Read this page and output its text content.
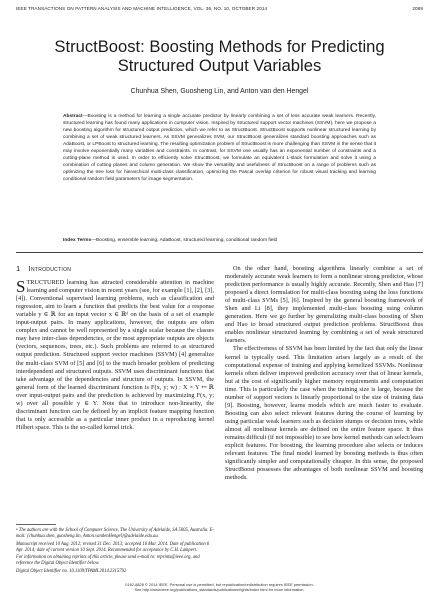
IEEE TRANSACTIONS ON PATTERN ANALYSIS AND MACHINE INTELLIGENCE, VOL. 36, NO. 10, OCTOBER 2014	2089
StructBoost: Boosting Methods for Predicting
Structured Output Variables
Chunhua Shen, Guosheng Lin, and Anton van den Hengel
Abstract—Boosting is a method for learning a single accurate predictor by linearly combining a set of less accurate weak learners. Recently, structured learning has found many applications in computer vision. Inspired by structured support vector machines (SSVM), here we propose a new boosting algorithm for structured output prediction, which we refer to as StructBoost. StructBoost supports nonlinear structured learning by combining a set of weak structured learners. As SSVM generalizes SVM, our StructBoost generalizes standard boosting approaches such as AdaBoost, or LPBoost to structured learning. The resulting optimization problem of StructBoost is more challenging than SSVM in the sense that it may involve exponentially many variables and constraints. In contrast, for SSVM one usually has an exponential number of constraints and a cutting-plane method is used. In order to efficiently solve StructBoost, we formulate an equivalent 1-slack formulation and solve it using a combination of cutting planes and column generation. We show the versatility and usefulness of StructBoost on a range of problems such as optimizing the tree loss for hierarchical multi-class classification, optimizing the Pascal overlap criterion for robust visual tracking and learning conditional random field parameters for image segmentation.
Index Terms—Boosting, ensemble learning, AdaBoost, structured learning, conditional random field
1 Introduction

STRUCTURED learning has attracted considerable attention in machine learning and computer vision in recent years (see, for example [1], [2], [3], [4]). Conventional supervised learning problems, such as classification and regression, aim to learn a function that predicts the best value for a response variable y ∈ ℝ for an input vector x ∈ ℝᵈ on the basis of a set of example input-output pairs. In many applications, however, the outputs are often complex and cannot be well represented by a single scalar because the classes may have inter-class dependencies, or the most appropriate outputs are objects (vectors, sequences, trees, etc.). Such problems are referred to as structured output prediction. Structured support vector machines (SSVM) [4] generalize the multi-class SVM of [5] and [6] to the much broader problem of predicting interdependent and structured outputs. SSVM uses discriminant functions that take advantage of the dependencies and structure of outputs. In SSVM, the general form of the learned discriminant function is F(x, y; w) : X × Y ↦ ℝ over input-output pairs and the prediction is achieved by maximizing F(x, y; w) over all possible y ∈ Y. Note that to introduce non-linearity, the discriminant function can be defined by an implicit feature mapping function that is only accessible as a particular inner product in a reproducing kernel Hilbert space. This is the so-called kernel trick.

• The authors are with the School of Computer Science, The University of Adelaide, SA 5005, Australia. E-mail: {chunhua.shen, guosheng.lin, Anton.vandenHengel}@adelaide.edu.au.

Manuscript received 10 Aug. 2012; revised 31 Dec. 2013; accepted 16 Mar. 2014. Date of publication 6 Apr. 2014; date of current version 10 Sept. 2014. Recommended for acceptance by C.H. Lampert.

For information on obtaining reprints of this article, please send e-mail to: reprints@ieee.org, and reference the Digital Object Identifier below.

Digital Object Identifier no. 10.1109/TPAMI.2014.2315792

On the other hand, boosting algorithms linearly combine a set of moderately accurate weak learners to form a nonlinear strong predictor, whose prediction performance is usually highly accurate. Recently, Shen and Hao [7] proposed a direct formulation for multi-class boosting using the loss functions of multi-class SVMs [5], [6]. Inspired by the general boosting framework of Shen and Li [8], they implemented multi-class boosting using column generation. Here we go further by generalizing multi-class boosting of Shen and Hao to broad structured output prediction problems. StructBoost thus enables nonlinear structured learning by combining a set of weak structured learners.

The effectiveness of SSVM has been limited by the fact that only the linear kernel is typically used. This limitation arises largely as a result of the computational expense of training and applying kernelized SSVMs. Nonlinear kernels often deliver improved prediction accuracy over that of linear kernels, but at the cost of significantly higher memory requirements and computation time. This is particularly the case when the training size is large, because the number of support vectors is linearly proportional to the size of training data [9]. Boosting, however, learns models which are much faster to evaluate. Boosting can also select relevant features during the course of learning by using particular weak learners such as decision stumps or decision trees, while almost all nonlinear kernels are defined on the entire feature space. It thus remains difficult (if not impossible) to see how kernel methods can select/learn explicit features. For boosting, the learning procedure also selects or induces relevant features. The final model learned by boosting methods is thus often significantly simpler and computationally cheaper. In this sense, the proposed StructBoost possesses the advantages of both nonlinear SSVM and boosting methods.

0162-8828 © 2014 IEEE. Personal use is permitted, but republication/redistribution requires IEEE permission.
See http://www.ieee.org/publications_standards/publications/rights/index.html for more information.
